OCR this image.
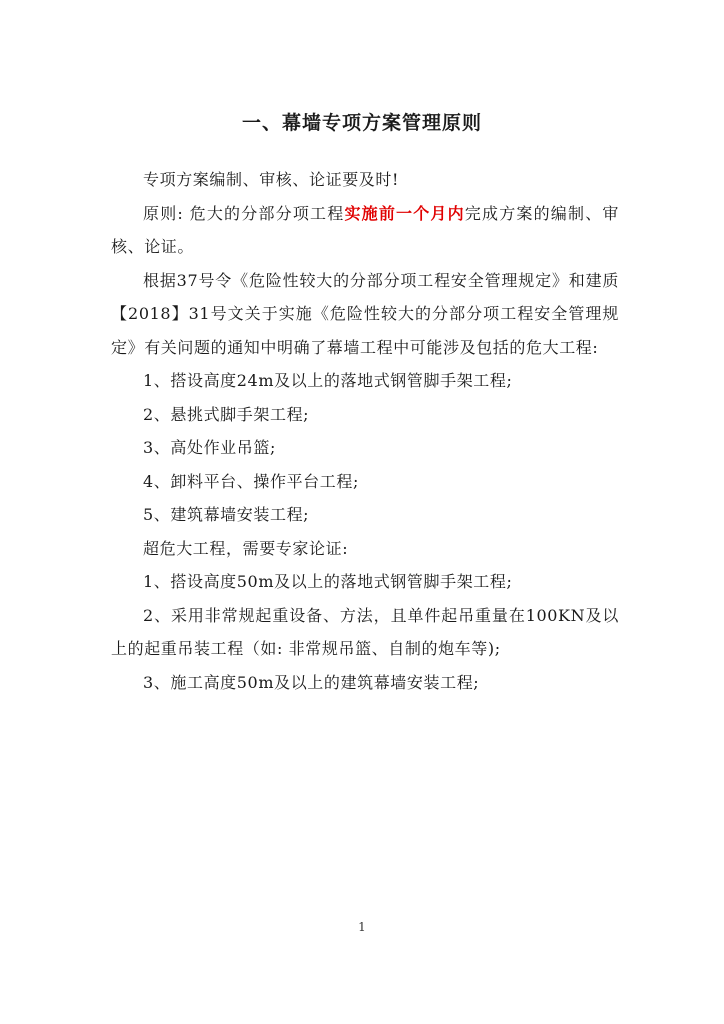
一、幕墙专项方案管理原则

专项方案编制、审核、论证要及时!

原则: 危大的分部分项工程实施前一个月内完成方案的编制、审核、论证。

根据37号令《危险性较大的分部分项工程安全管理规定》和建质【2018】31号文关于实施《危险性较大的分部分项工程安全管理规定》有关问题的通知中明确了幕墙工程中可能涉及包括的危大工程:

1、搭设高度24m及以上的落地式钢管脚手架工程;

2、悬挑式脚手架工程;

3、高处作业吊篮;

4、卸料平台、操作平台工程;

5、建筑幕墙安装工程;

超危大工程，需要专家论证:

1、搭设高度50m及以上的落地式钢管脚手架工程;

2、采用非常规起重设备、方法，且单件起吊重量在100KN及以上的起重吊装工程（如: 非常规吊篮、自制的炮车等);

3、施工高度50m及以上的建筑幕墙安装工程;

1
